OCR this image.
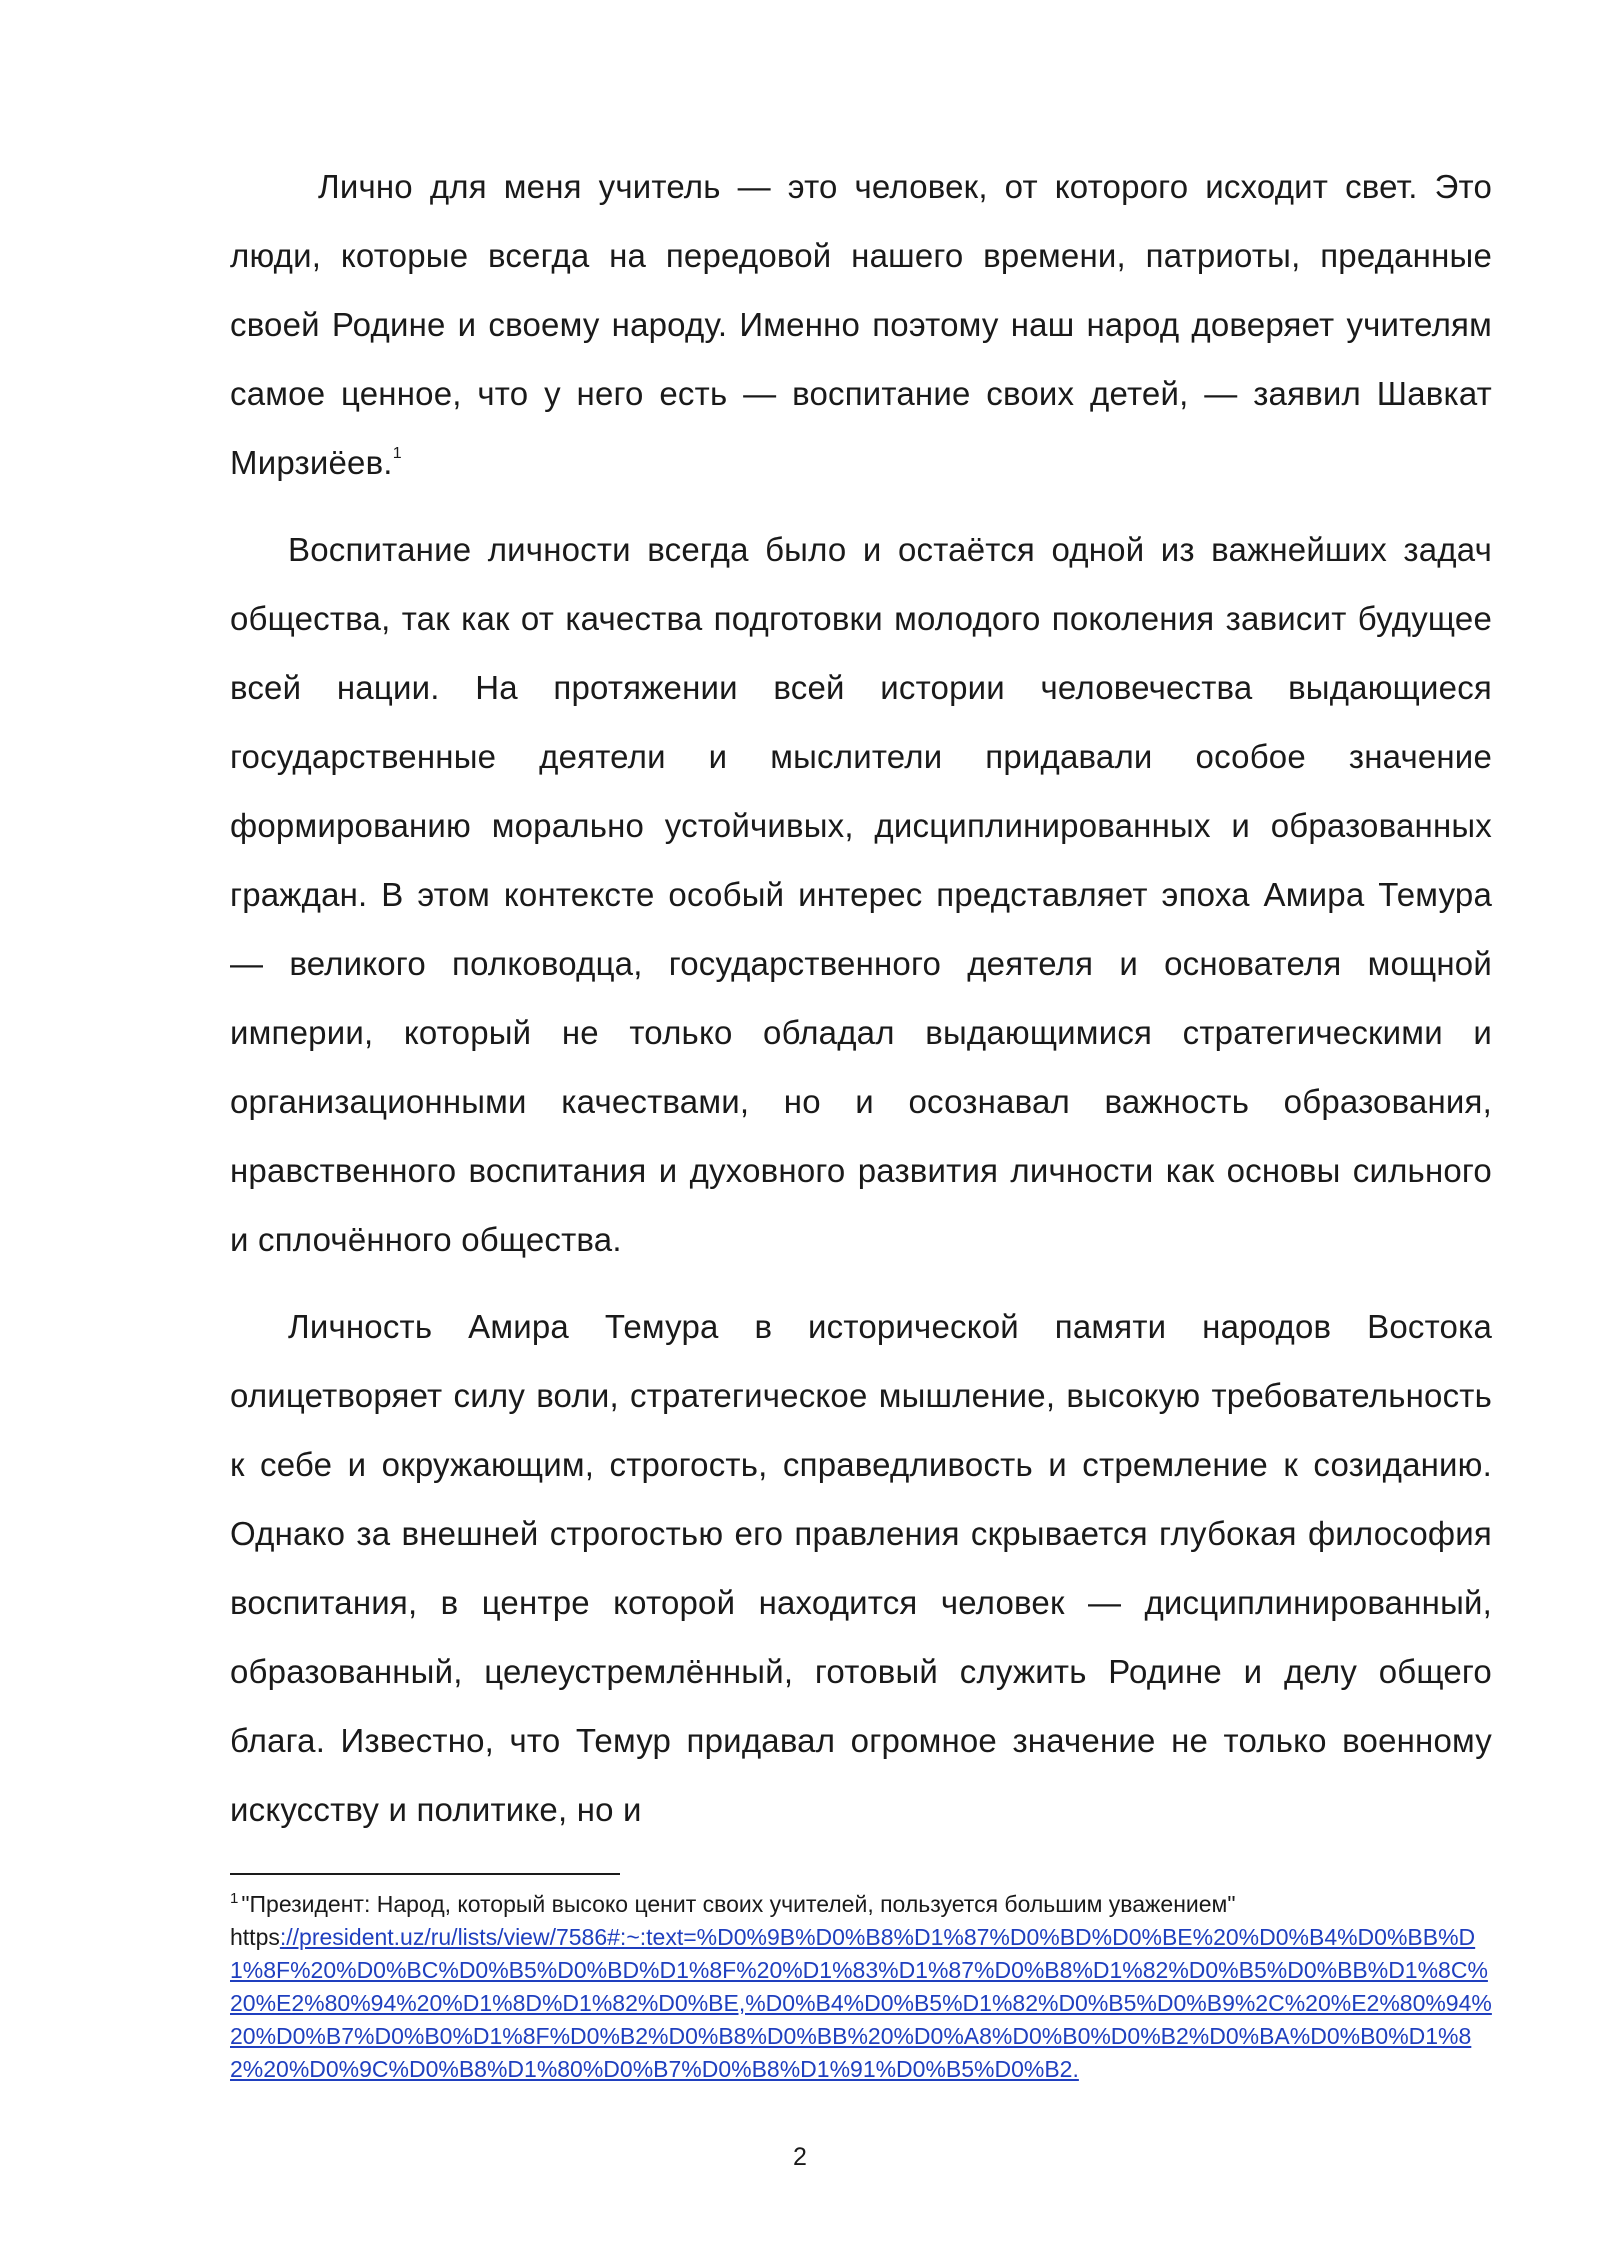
Лично для меня учитель — это человек, от которого исходит свет. Это люди, которые всегда на передовой нашего времени, патриоты, преданные своей Родине и своему народу. Именно поэтому наш народ доверяет учителям самое ценное, что у него есть — воспитание своих детей, — заявил Шавкат Мирзиёев.$^1$

Воспитание личности всегда было и остаётся одной из важнейших задач общества, так как от качества подготовки молодого поколения зависит будущее всей нации. На протяжении всей истории человечества выдающиеся государственные деятели и мыслители придавали особое значение формированию морально устойчивых, дисциплинированных и образованных граждан. В этом контексте особый интерес представляет эпоха Амира Темура — великого полководца, государственного деятеля и основателя мощной империи, который не только обладал выдающимися стратегическими и организационными качествами, но и осознавал важность образования, нравственного воспитания и духовного развития личности как основы сильного и сплочённого общества.

Личность Амира Темура в исторической памяти народов Востока олицетворяет силу воли, стратегическое мышление, высокую требовательность к себе и окружающим, строгость, справедливость и стремление к созиданию. Однако за внешней строгостью его правления скрывается глубокая философия воспитания, в центре которой находится человек — дисциплинированный, образованный, целеустремлённый, готовый служить Родине и делу общего блага. Известно, что Темур придавал огромное значение не только военному искусству и политике, но и

$^1$ "Президент: Народ, который высоко ценит своих учителей, пользуется большим уважением"

https://president.uz/ru/lists/view/7586#:~:text=%D0%9B%D0%B8%D1%87%D0%BD%D0%BE%20%D0%B4%D0%BB%D1%8F%20%D0%BC%D0%B5%D0%BD%D1%8F%20%D1%83%D1%87%D0%B8%D1%82%D0%B5%D0%BB%D1%8C%20%E2%80%94%20%D1%8D%D1%82%D0%BE,%D0%B4%D0%B5%D1%82%D0%B5%D0%B9%2C%20%E2%80%94%20%D0%B7%D0%B0%D1%8F%D0%B2%D0%B8%D0%BB%20%D0%A8%D0%B0%D0%B2%D0%BA%D0%B0%D1%82%20%D0%9C%D0%B8%D1%80%D0%B7%D0%B8%D1%91%D0%B5%D0%B2.

2
